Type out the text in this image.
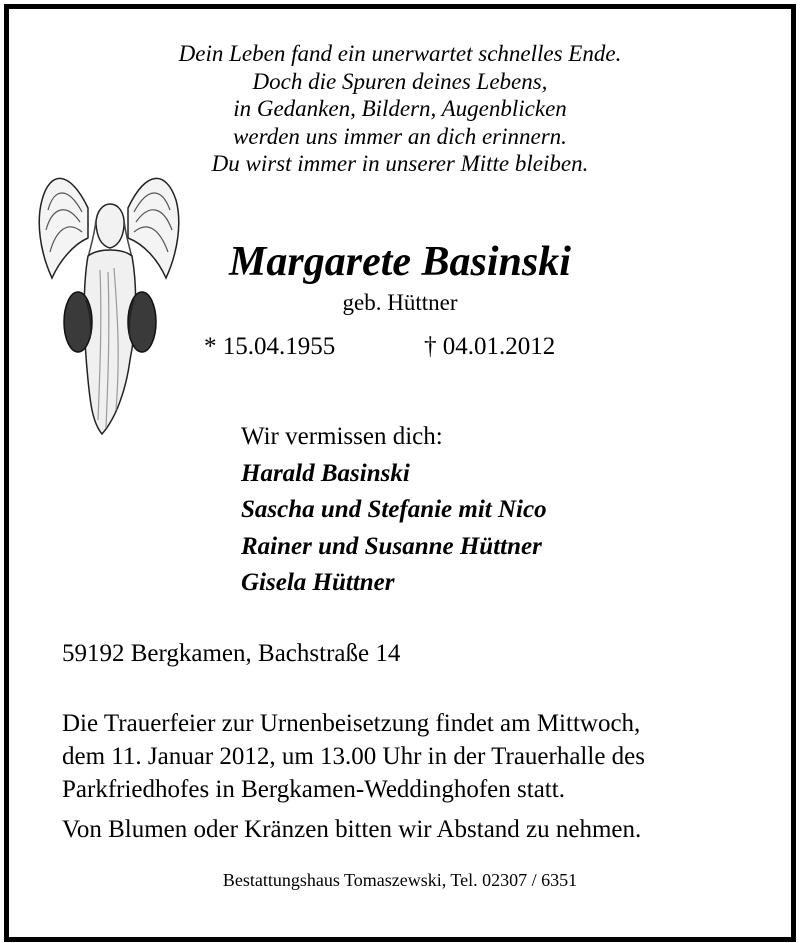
Dein Leben fand ein unerwartet schnelles Ende.
Doch die Spuren deines Lebens,
in Gedanken, Bildern, Augenblicken
werden uns immer an dich erinnern.
Du wirst immer in unserer Mitte bleiben.
Margarete Basinski
geb. Hüttner
* 15.04.1955	† 04.01.2012
Wir vermissen dich:
Harald Basinski
Sascha und Stefanie mit Nico
Rainer und Susanne Hüttner
Gisela Hüttner
59192 Bergkamen, Bachstraße 14
Die Trauerfeier zur Urnenbeisetzung findet am Mittwoch,
dem 11. Januar 2012, um 13.00 Uhr in der Trauerhalle des
Parkfriedhofes in Bergkamen-Weddinghofen statt.
Von Blumen oder Kränzen bitten wir Abstand zu nehmen.
Bestattungshaus Tomaszewski, Tel. 02307 / 6351
